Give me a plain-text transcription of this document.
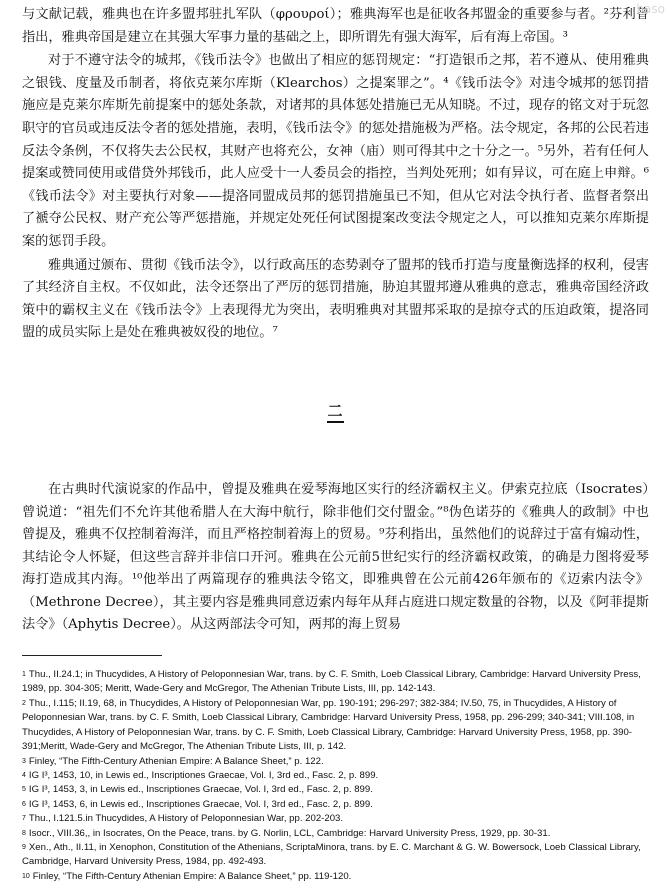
baso

与文献记载，雅典也在许多盟邦驻扎军队（φρουροί）；雅典海军也是征收各邦盟金的重要参与者。²芬利曾指出，雅典帝国是建立在其强大军事力量的基础之上，即所谓先有强大海军，后有海上帝国。³

对于不遵守法令的城邦，《钱币法令》也做出了相应的惩罚规定：“打造银币之邦，若不遵从、使用雅典之银钱、度量及币制者，将依克莱尔库斯（Klearchos）之提案罪之”。⁴《钱币法令》对违令城邦的惩罚措施应是克莱尔库斯先前提案中的惩处条款，对诸邦的具体惩处措施已无从知晓。不过，现存的铭文对于玩忽职守的官员或违反法令者的惩处措施，表明，《钱币法令》的惩处措施极为严格。法令规定，各邦的公民若违反法令条例，不仅将失去公民权，其财产也将充公，女神（庙）则可得其中之十分之一。⁵另外，若有任何人提案或赞同使用或借贷外邦钱币，此人应受十一人委员会的指控，当判处死刑；如有异议，可在庭上申辩。⁶《钱币法令》对主要执行对象——提洛同盟成员邦的惩罚措施虽已不知，但从它对法令执行者、监督者祭出了褫夺公民权、财产充公等严惩措施，并规定处死任何试图提案改变法令规定之人，可以推知克莱尔库斯提案的惩罚手段。

雅典通过颁布、贯彻《钱币法令》，以行政高压的态势剥夺了盟邦的钱币打造与度量衡选择的权利，侵害了其经济自主权。不仅如此，法令还祭出了严厉的惩罚措施，胁迫其盟邦遵从雅典的意志，雅典帝国经济政策中的霸权主义在《钱币法令》上表现得尤为突出，表明雅典对其盟邦采取的是掠夺式的压迫政策，提洛同盟的成员实际上是处在雅典被奴役的地位。⁷

二

在古典时代演说家的作品中，曾提及雅典在爱琴海地区实行的经济霸权主义。伊索克拉底（Isocrates）曾说道：“祖先们不允许其他希腊人在大海中航行，除非他们交付盟金。”⁸伪色诺芬的《雅典人的政制》中也曾提及，雅典不仅控制着海洋，而且严格控制着海上的贸易。⁹芬利指出，虽然他们的说辞过于富有煽动性，其结论令人怀疑，但这些言辞并非信口开河。雅典在公元前5世纪实行的经济霸权政策，的确是力图将爱琴海打造成其内海。¹⁰他举出了两篇现存的雅典法令铭文，即雅典曾在公元前426年颁布的《迈索内法令》（Methrone Decree），其主要内容是雅典同意迈索内每年从拜占庭进口规定数量的谷物，以及《阿菲提斯法令》（Aphytis Decree）。从这两部法令可知，两邦的海上贸易

$^1$ Thu., II.24.1; in Thucydides, A History of Peloponnesian War, trans. by C. F. Smith, Loeb Classical Library, Cambridge: Harvard University Press, 1989, pp. 304-305; Meritt, Wade-Gery and McGregor, The Athenian Tribute Lists, III, pp. 142-143.

$^2$ Thu., I.115; II.19, 68, in Thucydides, A History of Peloponnesian War, pp. 190-191; 296-297; 382-384; IV.50, 75, in Thucydides, A History of Peloponnesian War, trans. by C. F. Smith, Loeb Classical Library, Cambridge: Harvard University Press, 1958, pp. 296-299; 340-341; VIII.108, in Thucydides, A History of Peloponnesian War, trans. by C. F. Smith, Loeb Classical Library, Cambridge: Harvard University Press, 1958, pp. 390-391;Meritt, Wade-Gery and McGregor, The Athenian Tribute Lists, III, p. 142.

$^3$ Finley, “The Fifth-Century Athenian Empire: A Balance Sheet,” p. 122.

$^4$ IG I³, 1453, 10, in Lewis ed., Inscriptiones Graecae, Vol. I, 3rd ed., Fasc. 2, p. 899.

$^5$ IG I³, 1453, 3, in Lewis ed., Inscriptiones Graecae, Vol. I, 3rd ed., Fasc. 2, p. 899.

$^6$ IG I³, 1453, 6, in Lewis ed., Inscriptiones Graecae, Vol. I, 3rd ed., Fasc. 2, p. 899.

$^7$ Thu., I.121.5.in Thucydides, A History of Peloponnesian War, pp. 202-203.

$^8$ Isocr., VIII.36,, in Isocrates, On the Peace, trans. by G. Norlin, LCL, Cambridge: Harvard University Press, 1929, pp. 30-31.

$^9$ Xen., Ath., II.11, in Xenophon, Constitution of the Athenians, ScriptaMinora, trans. by E. C. Marchant & G. W. Bowersock, Loeb Classical Library, Cambridge, Harvard University Press, 1984, pp. 492-493.

$^{10}$ Finley, “The Fifth-Century Athenian Empire: A Balance Sheet,” pp. 119-120.
